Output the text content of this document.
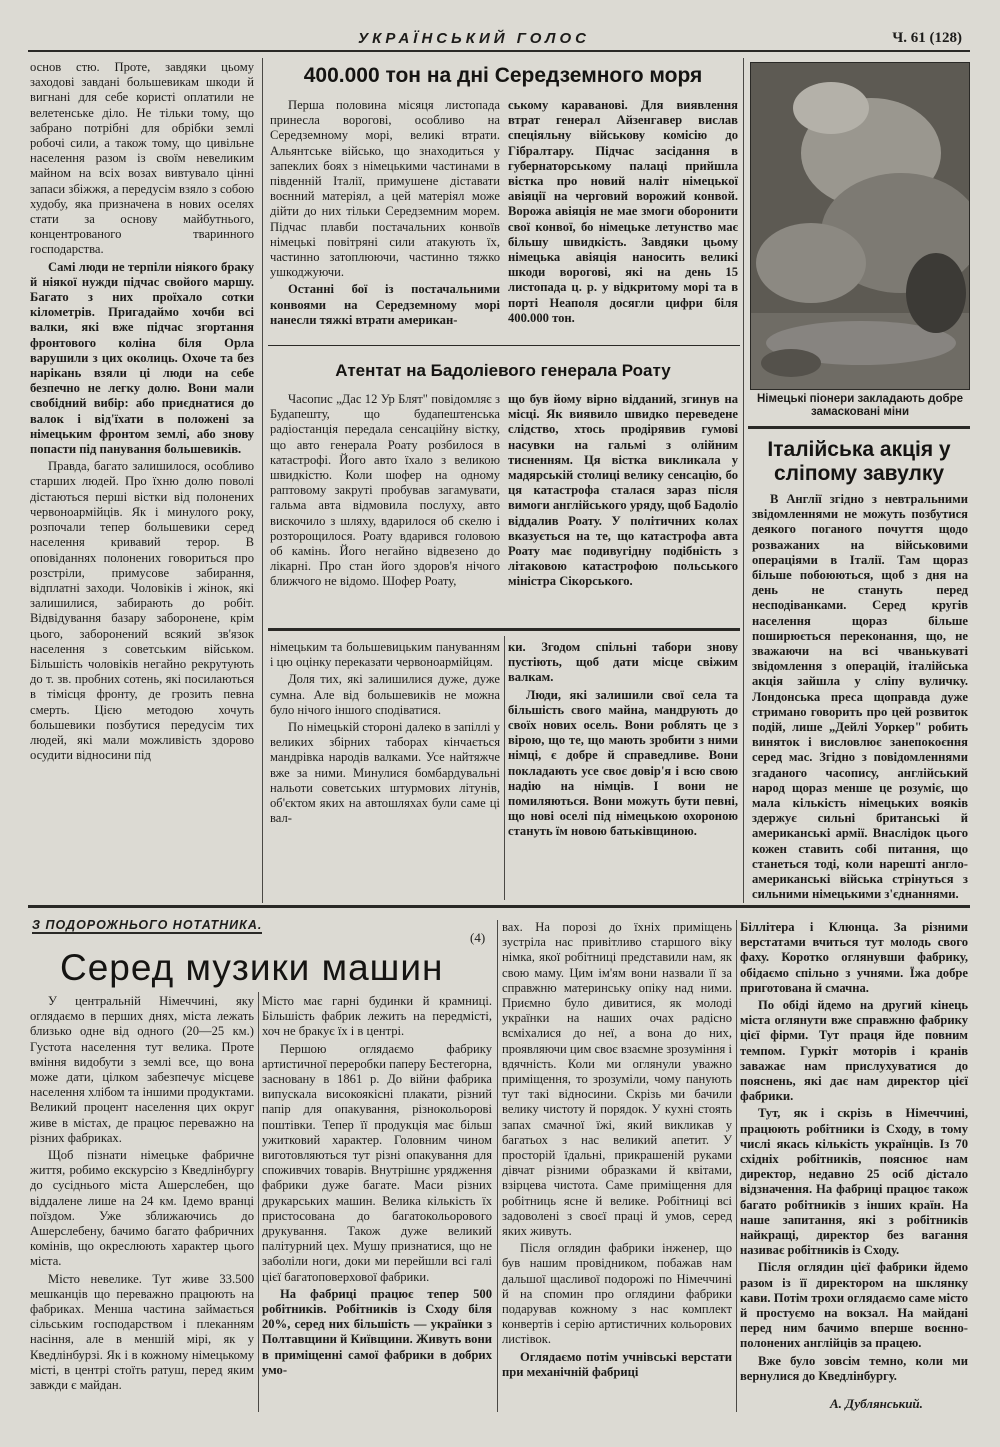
УКРАЇНСЬКИЙ ГОЛОС	Ч. 61 (128)

основ стю. Проте, завдяки цьому заходові завдані большевикам шкоди й вигнані для себе користі оплатили не велетенське діло. Не тільки тому, що забрано потрібні для обрібки землі робочі сили, а також тому, що цивільне населення разом із своїм невеликим майном на всіх возах вивтувало цінні запаси збіжжя, а передусім взяло з собою худобу, яка призначена в нових оселях стати за основу майбутнього, концентрованого тваринного господарства.

Самі люди не терпіли ніякого браку й ніякої нужди підчас свойого маршу. Багато з них проїхало сотки кілометрів. Пригадаймо хочби всі валки, які вже підчас згортання фронтового коліна біля Орла варушили з цих околиць. Охоче та без нарікань взяли ці люди на себе безпечно не легку долю. Вони мали свобідний вибір: або приєднатися до валок і від'їхати в положені за німецьким фронтом землі, або знову попасти під панування большевиків.

Правда, багато залишилося, особливо старших людей. Про їхню долю поволі дістаються перші вістки від полонених червоноармійців. Як і минулого року, розпочали тепер большевики серед населення кривавий терор. В оповіданнях полонених говориться про розстріли, примусове забирання, відплатні заходи. Чоловіків і жінок, які залишилися, забирають до робіт. Відвідування базару заборонене, крім цього, заборонений всякий зв'язок населення з советським військом. Більшість чоловіків негайно рекрутують до т. зв. пробних сотень, які посилаються в тімісця фронту, де грозить певна смерть. Цією методою хочуть большевики позбутися передусім тих людей, які мали можливість здорово осудити відносини під

400.000 тон на дні Середземного моря

Перша половина місяця листопада принесла ворогові, особливо на Середземному морі, великі втрати. Альянтське військо, що знаходиться у запеклих боях з німецькими частинами в південній Італії, примушене діставати воєнний матеріял, а цей матеріял може дійти до них тільки Середземним морем. Підчас плавби постачальних конвоїв німецькі повітряні сили атакують їх, частинно затоплюючи, частинно тяжко ушкоджуючи.

Останні бої із постачальними конвоями на Середземному морі нанесли тяжкі втрати американ-

ському караванові. Для виявлення втрат генерал Айзенгавер вислав спеціяльну військову комісію до Гібралтару. Підчас засідання в губернаторському палаці прийшла вістка про новий наліт німецької авіяції на черговий ворожий конвой. Ворожа авіяція не мае змоги оборонити свої конвої, бо німецьке летунство має більшу швидкість. Завдяки цьому німецька авіяція наносить великі шкоди ворогові, які на день 15 листопада ц. р. у відкритому морі та в порті Неаполя досягли цифри біля 400.000 тон.

Атентат на Бадоліевого генерала Роату

Часопис „Дас 12 Ур Блят" повідомляє з Будапешту, що будапештенська радіостанція передала сенсаційну вістку, що авто генерала Роату розбилося в катастрофі. Його авто їхало з великою швидкістю. Коли шофер на одному раптовому закруті пробував загамувати, гальма авта відмовила послуху, авто вискочило з шляху, вдарилося об скелю і розторощилося. Роату вдарився головою об камінь. Його негайно відвезено до лікарні. Про стан його здоров'я нічого ближчого не відомо. Шофер Роату,

що був йому вірно відданий, згинув на місці. Як виявило швидко переведене слідство, хтось продірявив гумові насувки на гальмі з олійним тисненням. Ця вістка викликала у мадярській столиці велику сенсацію, бо ця катастрофа сталася зараз після вимоги англійського уряду, щоб Бадоліо віддалив Роату. У політичних колах вказується на те, що катастрофа авта Роату має подивугідну подібність з літаковою катастрофою польського міністра Сікорського.

німецьким та большевицьким пануванням і цю оцінку переказати червоноармійцям.

Доля тих, які залишилися дуже, дуже сумна. Але від большевиків не можна було нічого іншого сподіватися.

По німецькій стороні далеко в запіллі у великих збірних таборах кінчається мандрівка народів валками. Усе найтяжче вже за ними. Минулися бомбардувальні нальоти советських штурмових літунів, об'єктом яких на автошляхах були саме ці вал-

ки. Згодом спільні табори знову пустіють, щоб дати місце свіжим валкам.

Люди, які залишили свої села та більшість свого майна, мандрують до своїх нових осель. Вони роблять це з вірою, що те, що мають зробити з ними німці, є добре й справедливе. Вони покладають усе своє довір'я і всю свою надію на німців. І вони не помиляються. Вони можуть бути певні, що нові оселі під німецькою охороною стануть їм новою батьківщиною.

Німецькі піонери закладають добре замасковані міни
Італійська акція у сліпому завулку

В Англії згідно з невтральними звідомленнями не можуть позбутися деякого поганого почуття щодо розважаних на військовими операціями в Італії. Там щораз більше побоюються, щоб з дня на день не стануть перед несподіванками. Серед кругів населення щораз більше поширюється переконання, що, не зважаючи на всі чванькуваті звідомлення з операцій, італійська акція зайшла у сліпу вуличку. Лондонська преса щоправда дуже стримано говорить про цей розвиток подій, лише „Дейлі Уоркер" робить виняток і висловлює занепокоєння серед мас. Згідно з повідомленнями згаданого часопису, англійський народ щораз менше це розуміє, що мала кількість німецьких вояків здержує сильні британські й американські армії. Внаслідок цього кожен ставить собі питання, що станеться тоді, коли нарешті англо-американські війська стрінуться з сильними німецькими з'єднаннями.

З ПОДОРОЖНЬОГО НОТАТНИКА.
(4)
Серед музики машин

У центральній Німеччині, яку оглядаємо в перших днях, міста лежать близько одне від одного (20—25 км.) Густота населення тут велика. Проте вміння видобути з землі все, що вона може дати, цілком забезпечує місцеве населення хлібом та іншими продуктами. Великий процент населення цих округ живе в містах, де працює переважно на різних фабриках.

Щоб пізнати німецьке фабричне життя, робимо екскурсію з Кведлінбургу до сусіднього міста Ашерслебен, що віддалене лише на 24 км. Ідемо вранці поїздом. Уже зближаючись до Ашерслебену, бачимо багато фабричних комінів, що окреслюють характер цього міста.

Місто невелике. Тут живе 33.500 мешканців що переважно працюють на фабриках. Менша частина займається сільським господарством і плеканням насіння, але в меншій мірі, як у Кведлінбурзі. Як і в кожному німецькому місті, в центрі стоїть ратуш, перед яким завжди є майдан.

Місто має гарні будинки й крамниці. Більшість фабрик лежить на передмісті, хоч не бракує їх і в центрі.

Першою оглядаємо фабрику артистичної переробки паперу Бестегорна, засновану в 1861 р. До війни фабрика випускала високоякісні плакати, різний папір для опакування, різнокольорові поштівки. Тепер її продукція має більш ужитковий характер. Головним чином виготовляються тут різні опакування для споживчих товарів. Внутрішнє урядження фабрики дуже багате. Маси різних друкарських машин. Велика кількість їх пристосована до багатокольорового друкування. Також дуже великий палітурний цех. Мушу признатися, що не заболіли ноги, доки ми перейшли всі галі цієї багатоповерхової фабрики.

На фабриці працює тепер 500 робітників. Робітників із Сходу біля 20%, серед них більшість — українки з Полтавщини й Київщини. Живуть вони в приміщенні самої фабрики в добрих умо-

вах. На порозі до їхніх приміщень зустріла нас привітливо старшого віку німка, якої робітниці представили нам, як свою маму. Цим ім'ям вони назвали її за справжню материнську опіку над ними. Приємно було дивитися, як молоді українки на наших очах радісно всміхалися до неї, а вона до них, проявляючи цим своє взаємне зрозуміння і вдячність. Коли ми оглянули уважно приміщення, то зрозуміли, чому панують тут такі відносини. Скрізь ми бачили велику чистоту й порядок. У кухні стоять запах смачної їжі, який викликав у багатьох з нас великий апетит. У просторій їдальні, прикрашеній руками дівчат різними образками й квітами, взірцева чистота. Саме приміщення для робітниць ясне й велике. Робітниці всі задоволені з своєї праці й умов, серед яких живуть.

Після оглядин фабрики інженер, що був нашим провідником, побажав нам дальшої щасливої подорожі по Німеччині й на спомин про оглядини фабрики подарував кожному з нас комплект конвертів і серію артистичних кольорових листівок.

Оглядаємо потім учнівські верстати при механічній фабриці

Біллітера і Клюнца. За різними верстатами вчиться тут молодь свого фаху. Коротко оглянувши фабрику, обідаємо спільно з учнями. Їжа добре приготована й смачна.

По обіді йдемо на другий кінець міста оглянути вже справжню фабрику цієї фірми. Тут праця йде повним темпом. Гуркіт моторів і кранів заважає нам прислухуватися до пояснень, які дає нам директор цієї фабрики.

Тут, як і скрізь в Німеччині, працюють робітники із Сходу, в тому числі якась кількість українців. Із 70 східніх робітників, пояснює нам директор, недавно 25 осіб дістало відзначення. На фабриці працює також багато робітників з інших країн. На наше запитання, які з робітників найкращі, директор без вагання називає робітників із Сходу.

Після оглядин цієї фабрики йдемо разом із її директором на шклянку кави. Потім трохи оглядаємо саме місто й простуємо на вокзал. На майдані перед ним бачимо вперше воєнно-полонених англійців за працею.

Вже було зовсім темно, коли ми вернулися до Кведлінбургу.

А. Дублянський.
